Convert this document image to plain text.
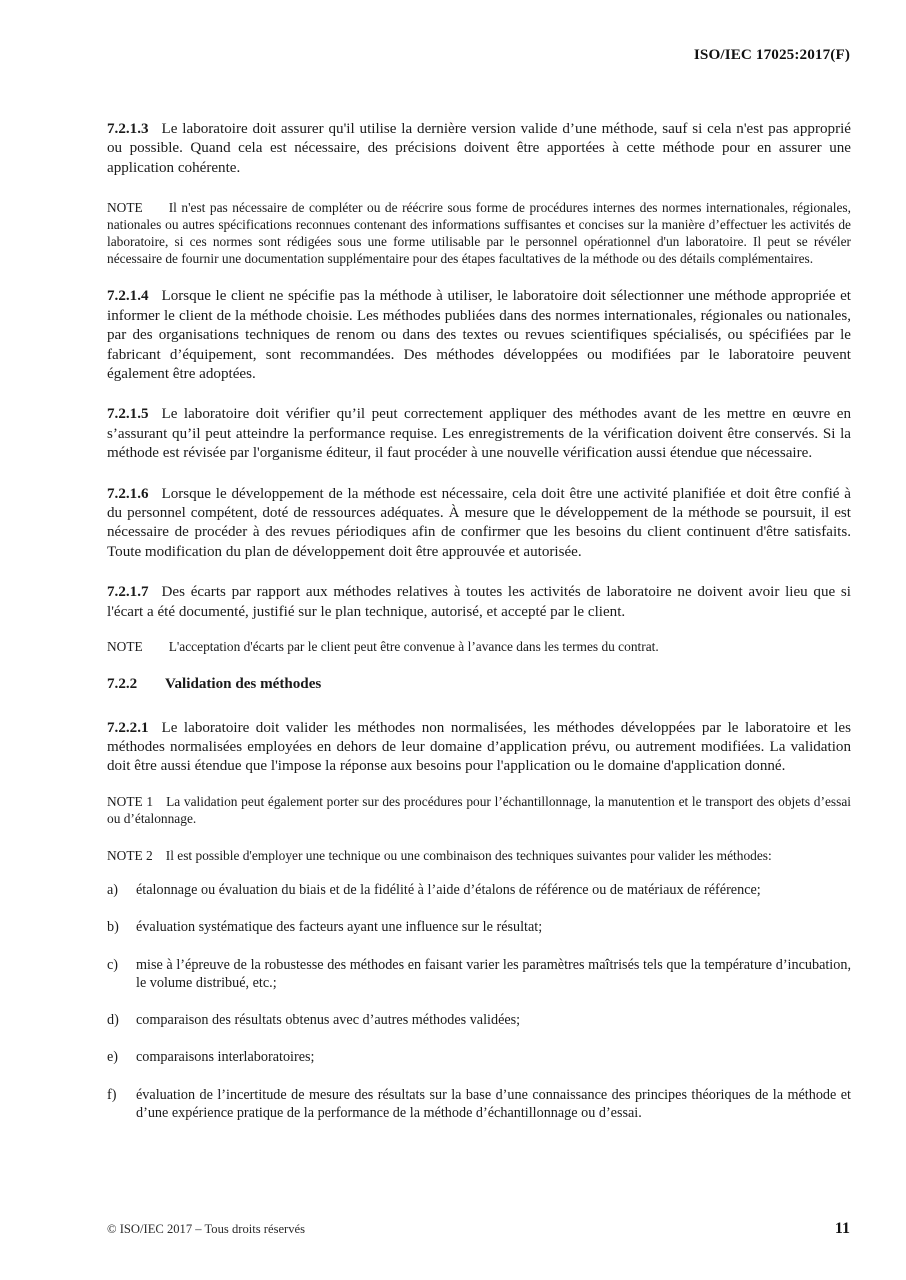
ISO/IEC 17025:2017(F)

7.2.1.3 Le laboratoire doit assurer qu'il utilise la dernière version valide d’une méthode, sauf si cela n'est pas approprié ou possible. Quand cela est nécessaire, des précisions doivent être apportées à cette méthode pour en assurer une application cohérente.

NOTE Il n'est pas nécessaire de compléter ou de réécrire sous forme de procédures internes des normes internationales, régionales, nationales ou autres spécifications reconnues contenant des informations suffisantes et concises sur la manière d’effectuer les activités de laboratoire, si ces normes sont rédigées sous une forme utilisable par le personnel opérationnel d'un laboratoire. Il peut se révéler nécessaire de fournir une documentation supplémentaire pour des étapes facultatives de la méthode ou des détails complémentaires.

7.2.1.4 Lorsque le client ne spécifie pas la méthode à utiliser, le laboratoire doit sélectionner une méthode appropriée et informer le client de la méthode choisie. Les méthodes publiées dans des normes internationales, régionales ou nationales, par des organisations techniques de renom ou dans des textes ou revues scientifiques spécialisés, ou spécifiées par le fabricant d’équipement, sont recommandées. Des méthodes développées ou modifiées par le laboratoire peuvent également être adoptées.

7.2.1.5 Le laboratoire doit vérifier qu’il peut correctement appliquer des méthodes avant de les mettre en œuvre en s’assurant qu’il peut atteindre la performance requise. Les enregistrements de la vérification doivent être conservés. Si la méthode est révisée par l'organisme éditeur, il faut procéder à une nouvelle vérification aussi étendue que nécessaire.

7.2.1.6 Lorsque le développement de la méthode est nécessaire, cela doit être une activité planifiée et doit être confié à du personnel compétent, doté de ressources adéquates. À mesure que le développement de la méthode se poursuit, il est nécessaire de procéder à des revues périodiques afin de confirmer que les besoins du client continuent d'être satisfaits. Toute modification du plan de développement doit être approuvée et autorisée.

7.2.1.7 Des écarts par rapport aux méthodes relatives à toutes les activités de laboratoire ne doivent avoir lieu que si l'écart a été documenté, justifié sur le plan technique, autorisé, et accepté par le client.

NOTE L'acceptation d'écarts par le client peut être convenue à l’avance dans les termes du contrat.

7.2.2 Validation des méthodes

7.2.2.1 Le laboratoire doit valider les méthodes non normalisées, les méthodes développées par le laboratoire et les méthodes normalisées employées en dehors de leur domaine d’application prévu, ou autrement modifiées. La validation doit être aussi étendue que l'impose la réponse aux besoins pour l'application ou le domaine d'application donné.

NOTE 1 La validation peut également porter sur des procédures pour l’échantillonnage, la manutention et le transport des objets d’essai ou d’étalonnage.

NOTE 2 Il est possible d'employer une technique ou une combinaison des techniques suivantes pour valider les méthodes:

a)	étalonnage ou évaluation du biais et de la fidélité à l’aide d’étalons de référence ou de matériaux de référence;
b)	évaluation systématique des facteurs ayant une influence sur le résultat;
c)	mise à l’épreuve de la robustesse des méthodes en faisant varier les paramètres maîtrisés tels que la température d’incubation, le volume distribué, etc.;
d)	comparaison des résultats obtenus avec d’autres méthodes validées;
e)	comparaisons interlaboratoires;
f)	évaluation de l’incertitude de mesure des résultats sur la base d’une connaissance des principes théoriques de la méthode et d’une expérience pratique de la performance de la méthode d’échantillonnage ou d’essai.
© ISO/IEC 2017 – Tous droits réservés	11
